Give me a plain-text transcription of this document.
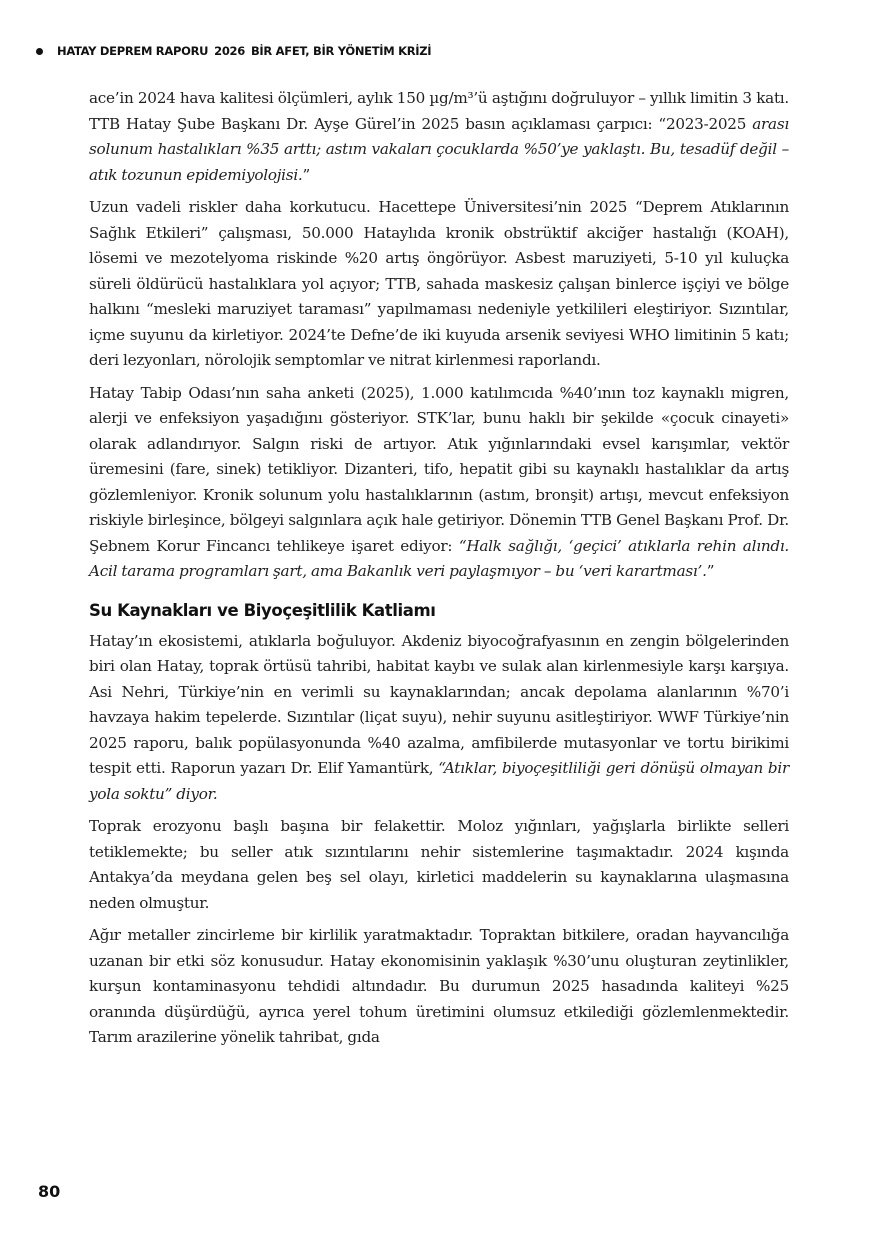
HATAY DEPREM RAPORU 2026 BİR AFET, BİR YÖNETİM KRİZİ

ace’in 2024 hava kalitesi ölçümleri, aylık 150 µg/m³’ü aştığını doğruluyor – yıllık limitin 3 katı. TTB Hatay Şube Başkanı Dr. Ayşe Gürel’in 2025 basın açıklaması çarpıcı: “2023-2025 arası solunum hastalıkları %35 arttı; astım vakaları çocuklarda %50’ye yaklaştı. Bu, tesadüf değil – atık tozunun epidemiyolojisi.”

Uzun vadeli riskler daha korkutucu. Hacettepe Üniversitesi’nin 2025 “Deprem Atıklarının Sağlık Etkileri” çalışması, 50.000 Hataylıda kronik obstrüktif akciğer hastalığı (KOAH), lösemi ve mezotelyoma riskinde %20 artış öngörüyor. Asbest maruziyeti, 5-10 yıl kuluçka süreli öldürücü hastalıklara yol açıyor; TTB, sahada maskesiz çalışan binlerce işçiyi ve bölge halkını “mesleki maruziyet taraması” yapılmaması nedeniyle yetkilileri eleştiriyor. Sızıntılar, içme suyunu da kirletiyor. 2024’te Defne’de iki kuyuda arsenik seviyesi WHO limitinin 5 katı; deri lezyonları, nörolojik semptomlar ve nitrat kirlenmesi raporlandı.

Hatay Tabip Odası’nın saha anketi (2025), 1.000 katılımcıda %40’ının toz kaynaklı migren, alerji ve enfeksiyon yaşadığını gösteriyor. STK’lar, bunu haklı bir şekilde «çocuk cinayeti» olarak adlandırıyor. Salgın riski de artıyor. Atık yığınlarındaki evsel karışımlar, vektör üremesini (fare, sinek) tetikliyor. Dizanteri, tifo, hepatit gibi su kaynaklı hastalıklar da artış gözlemleniyor. Kronik solunum yolu hastalıklarının (astım, bronşit) artışı, mevcut enfeksiyon riskiyle birleşince, bölgeyi salgınlara açık hale getiriyor. Dönemin TTB Genel Başkanı Prof. Dr. Şebnem Korur Fincancı tehlikeye işaret ediyor: “Halk sağlığı, ‘geçici’ atıklarla rehin alındı. Acil tarama programları şart, ama Bakanlık veri paylaşmıyor – bu ‘veri karartması’.”

Su Kaynakları ve Biyoçeşitlilik Katliamı

Hatay’ın ekosistemi, atıklarla boğuluyor. Akdeniz biyocoğrafyasının en zengin bölgelerinden biri olan Hatay, toprak örtüsü tahribi, habitat kaybı ve sulak alan kirlenmesiyle karşı karşıya. Asi Nehri, Türkiye’nin en verimli su kaynaklarından; ancak depolama alanlarının %70’i havzaya hakim tepelerde. Sızıntılar (liçat suyu), nehir suyunu asitleştiriyor. WWF Türkiye’nin 2025 raporu, balık popülasyonunda %40 azalma, amfibilerde mutasyonlar ve tortu birikimi tespit etti. Raporun yazarı Dr. Elif Yamantürk, “Atıklar, biyoçeşitliliği geri dönüşü olmayan bir yola soktu” diyor.

Toprak erozyonu başlı başına bir felakettir. Moloz yığınları, yağışlarla birlikte selleri tetiklemekte; bu seller atık sızıntılarını nehir sistemlerine taşımaktadır. 2024 kışında Antakya’da meydana gelen beş sel olayı, kirletici maddelerin su kaynaklarına ulaşmasına neden olmuştur.

Ağır metaller zincirleme bir kirlilik yaratmaktadır. Topraktan bitkilere, oradan hayvancılığa uzanan bir etki söz konusudur. Hatay ekonomisinin yaklaşık %30’unu oluşturan zeytinlikler, kurşun kontaminasyonu tehdidi altındadır. Bu durumun 2025 hasadında kaliteyi %25 oranında düşürdüğü, ayrıca yerel tohum üretimini olumsuz etkilediği gözlemlenmektedir. Tarım arazilerine yönelik tahribat, gıda

80
